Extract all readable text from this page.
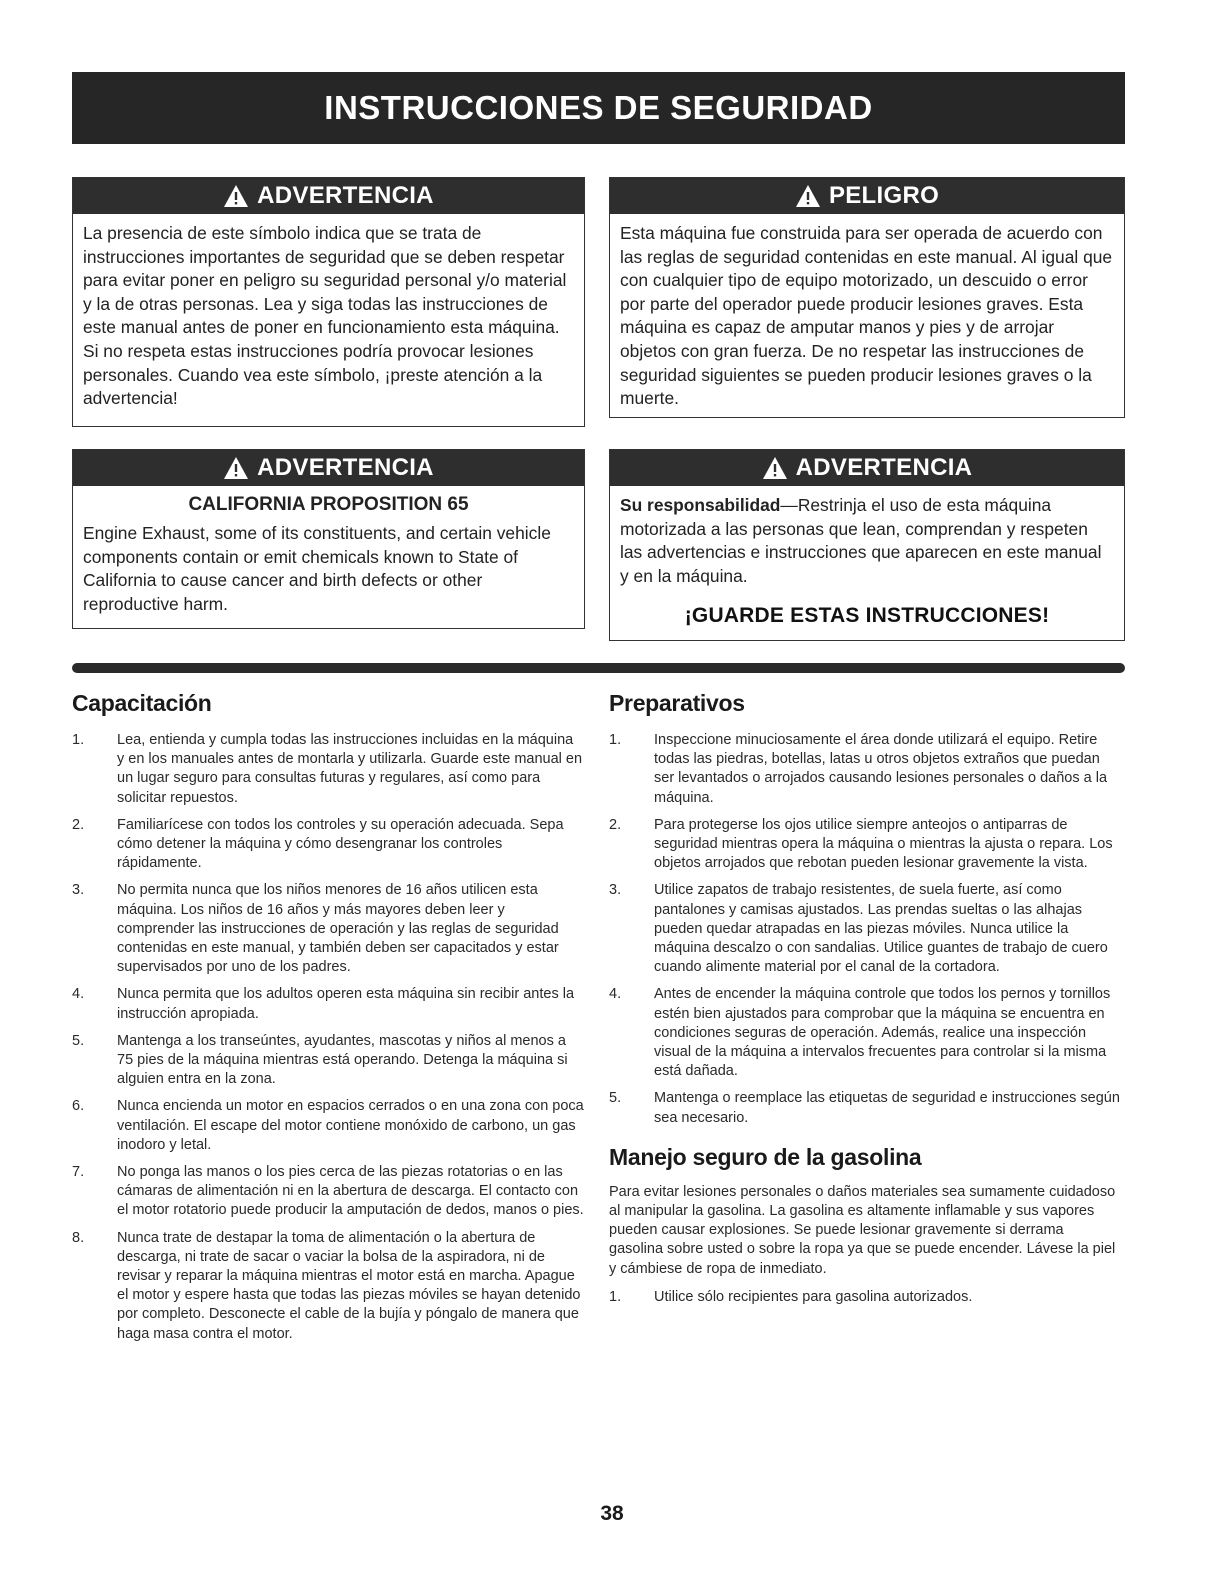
INSTRUCCIONES DE SEGURIDAD
ADVERTENCIA
La presencia de este símbolo indica que se trata de instrucciones importantes de seguridad que se deben respetar para evitar poner en peligro su seguridad personal y/o material y la de otras personas. Lea y siga todas las instrucciones de este manual antes de poner en funcionamiento esta máquina. Si no respeta estas instrucciones podría provocar lesiones personales. Cuando vea este símbolo, ¡preste atención a la advertencia!
PELIGRO
Esta máquina fue construida para ser operada de acuerdo con las reglas de seguridad contenidas en este manual. Al igual que con cualquier tipo de equipo motorizado, un descuido o error por parte del operador puede producir lesiones graves. Esta máquina es capaz de amputar manos y pies y de arrojar objetos con gran fuerza. De no respetar las instrucciones de seguridad siguientes se pueden producir lesiones graves o la muerte.
ADVERTENCIA
CALIFORNIA PROPOSITION 65
Engine Exhaust, some of its constituents, and certain vehicle components contain or emit chemicals known to State of California to cause cancer and birth defects or other reproductive harm.
ADVERTENCIA
Su responsabilidad—Restrinja el uso de esta máquina motorizada a las personas que lean, comprendan y respeten las advertencias e instrucciones que aparecen en este manual y en la máquina.
¡GUARDE ESTAS INSTRUCCIONES!
Capacitación
1. Lea, entienda y cumpla todas las instrucciones incluidas en la máquina y en los manuales antes de montarla y utilizarla. Guarde este manual en un lugar seguro para consultas futuras y regulares, así como para solicitar repuestos.
2. Familiarícese con todos los controles y su operación adecuada. Sepa cómo detener la máquina y cómo desengranar los controles rápidamente.
3. No permita nunca que los niños menores de 16 años utilicen esta máquina. Los niños de 16 años y más mayores deben leer y comprender las instrucciones de operación y las reglas de seguridad contenidas en este manual, y también deben ser capacitados y estar supervisados por uno de los padres.
4. Nunca permita que los adultos operen esta máquina sin recibir antes la instrucción apropiada.
5. Mantenga a los transeúntes, ayudantes, mascotas y niños al menos a 75 pies de la máquina mientras está operando. Detenga la máquina si alguien entra en la zona.
6. Nunca encienda un motor en espacios cerrados o en una zona con poca ventilación. El escape del motor contiene monóxido de carbono, un gas inodoro y letal.
7. No ponga las manos o los pies cerca de las piezas rotatorias o en las cámaras de alimentación ni en la abertura de descarga. El contacto con el motor rotatorio puede producir la amputación de dedos, manos o pies.
8. Nunca trate de destapar la toma de alimentación o la abertura de descarga, ni trate de sacar o vaciar la bolsa de la aspiradora, ni de revisar y reparar la máquina mientras el motor está en marcha. Apague el motor y espere hasta que todas las piezas móviles se hayan detenido por completo. Desconecte el cable de la bujía y póngalo de manera que haga masa contra el motor.
Preparativos
1. Inspeccione minuciosamente el área donde utilizará el equipo. Retire todas las piedras, botellas, latas u otros objetos extraños que puedan ser levantados o arrojados causando lesiones personales o daños a la máquina.
2. Para protegerse los ojos utilice siempre anteojos o antiparras de seguridad mientras opera la máquina o mientras la ajusta o repara. Los objetos arrojados que rebotan pueden lesionar gravemente la vista.
3. Utilice zapatos de trabajo resistentes, de suela fuerte, así como pantalones y camisas ajustados. Las prendas sueltas o las alhajas pueden quedar atrapadas en las piezas móviles. Nunca utilice la máquina descalzo o con sandalias. Utilice guantes de trabajo de cuero cuando alimente material por el canal de la cortadora.
4. Antes de encender la máquina controle que todos los pernos y tornillos estén bien ajustados para comprobar que la máquina se encuentra en condiciones seguras de operación. Además, realice una inspección visual de la máquina a intervalos frecuentes para controlar si la misma está dañada.
5. Mantenga o reemplace las etiquetas de seguridad e instrucciones según sea necesario.
Manejo seguro de la gasolina

Para evitar lesiones personales o daños materiales sea sumamente cuidadoso al manipular la gasolina. La gasolina es altamente inflamable y sus vapores pueden causar explosiones. Se puede lesionar gravemente si derrama gasolina sobre usted o sobre la ropa ya que se puede encender. Lávese la piel y cámbiese de ropa de inmediato.

1. Utilice sólo recipientes para gasolina autorizados.
38
